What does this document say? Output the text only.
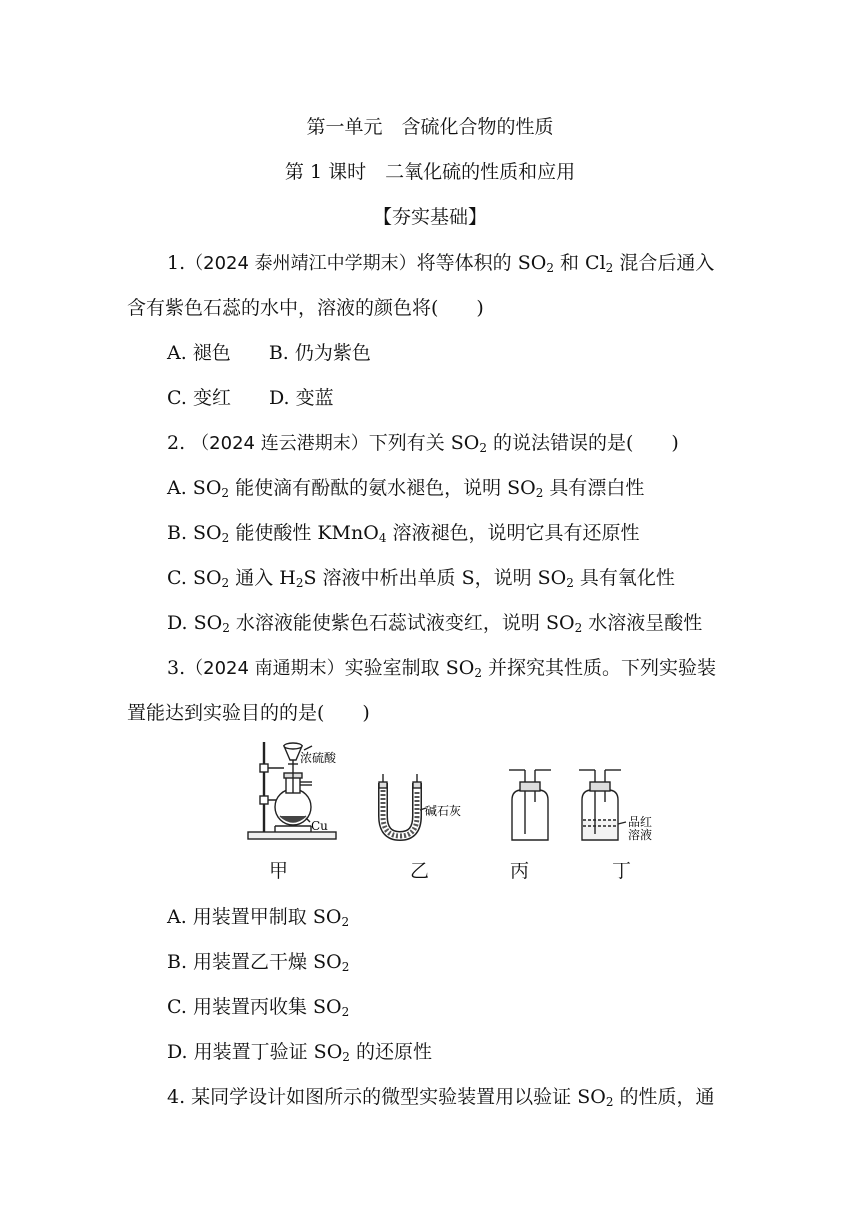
第一单元　含硫化合物的性质
第 1 课时　二氧化硫的性质和应用
【夯实基础】
1.（2024 泰州靖江中学期末）将等体积的 $SO_2$ 和 $Cl_2$ 混合后通入
含有紫色石蕊的水中，溶液的颜色将(　　)
A. 褪色 B. 仍为紫色
C. 变红 D. 变蓝
2. （2024 连云港期末）下列有关 $SO_2$ 的说法错误的是(　　)
A. $SO_2$ 能使滴有酚酞的氨水褪色，说明 $SO_2$ 具有漂白性
B. $SO_2$ 能使酸性 KMnO$_4$ 溶液褪色，说明它具有还原性
C. $SO_2$ 通入 $H_2S$ 溶液中析出单质 S，说明 $SO_2$ 具有氧化性
D. $SO_2$ 水溶液能使紫色石蕊试液变红，说明 $SO_2$ 水溶液呈酸性
3.（2024 南通期末）实验室制取 $SO_2$ 并探究其性质。下列实验装
置能达到实验目的的是(　　)
浓硫酸
Cu
碱石灰
品红
溶液
甲	乙	丙	丁
A. 用装置甲制取 $SO_2$
B. 用装置乙干燥 $SO_2$
C. 用装置丙收集 $SO_2$
D. 用装置丁验证 $SO_2$ 的还原性
4. 某同学设计如图所示的微型实验装置用以验证 $SO_2$ 的性质，通
